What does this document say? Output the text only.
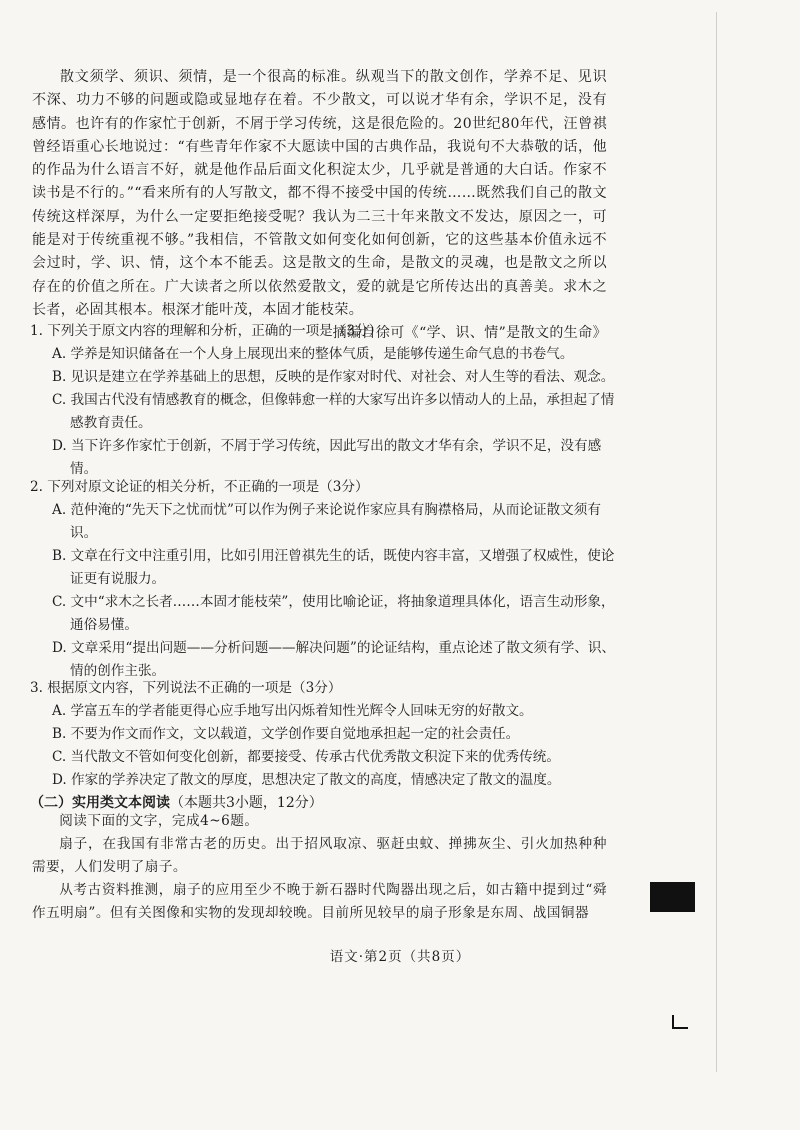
散文须学、须识、须情，是一个很高的标准。纵观当下的散文创作，学养不足、见识不深、功力不够的问题或隐或显地存在着。不少散文，可以说才华有余，学识不足，没有感情。也许有的作家忙于创新，不屑于学习传统，这是很危险的。20世纪80年代，汪曾祺曾经语重心长地说过：“有些青年作家不大愿读中国的古典作品，我说句不大恭敬的话，他的作品为什么语言不好，就是他作品后面文化积淀太少，几乎就是普通的大白话。作家不读书是不行的。”“看来所有的人写散文，都不得不接受中国的传统……既然我们自己的散文传统这样深厚，为什么一定要拒绝接受呢？我认为二三十年来散文不发达，原因之一，可能是对于传统重视不够。”我相信，不管散文如何变化如何创新，它的这些基本价值永远不会过时，学、识、情，这个本不能丢。这是散文的生命，是散文的灵魂，也是散文之所以存在的价值之所在。广大读者之所以依然爱散文，爱的就是它所传达出的真善美。求木之长者，必固其根本。根深才能叶茂，本固才能枝荣。

摘编自徐可《“学、识、情”是散文的生命》

1. 下列关于原文内容的理解和分析，正确的一项是（3分）

A. 学养是知识储备在一个人身上展现出来的整体气质，是能够传递生命气息的书卷气。

B. 见识是建立在学养基础上的思想，反映的是作家对时代、对社会、对人生等的看法、观念。

C. 我国古代没有情感教育的概念，但像韩愈一样的大家写出许多以情动人的上品，承担起了情感教育责任。

D. 当下许多作家忙于创新，不屑于学习传统，因此写出的散文才华有余，学识不足，没有感情。

2. 下列对原文论证的相关分析，不正确的一项是（3分）

A. 范仲淹的“先天下之忧而忧”可以作为例子来论说作家应具有胸襟格局，从而论证散文须有识。

B. 文章在行文中注重引用，比如引用汪曾祺先生的话，既使内容丰富，又增强了权威性，使论证更有说服力。

C. 文中“求木之长者……本固才能枝荣”，使用比喻论证，将抽象道理具体化，语言生动形象，通俗易懂。

D. 文章采用“提出问题——分析问题——解决问题”的论证结构，重点论述了散文须有学、识、情的创作主张。

3. 根据原文内容，下列说法不正确的一项是（3分）

A. 学富五车的学者能更得心应手地写出闪烁着知性光辉令人回味无穷的好散文。

B. 不要为作文而作文，文以载道，文学创作要自觉地承担起一定的社会责任。

C. 当代散文不管如何变化创新，都要接受、传承古代优秀散文积淀下来的优秀传统。

D. 作家的学养决定了散文的厚度，思想决定了散文的高度，情感决定了散文的温度。

（二）实用类文本阅读（本题共3小题，12分）

阅读下面的文字，完成4~6题。

扇子，在我国有非常古老的历史。出于招风取凉、驱赶虫蚊、掸拂灰尘、引火加热种种需要，人们发明了扇子。

从考古资料推测，扇子的应用至少不晚于新石器时代陶器出现之后，如古籍中提到过“舜作五明扇”。但有关图像和实物的发现却较晚。目前所见较早的扇子形象是东周、战国铜器

语文·第2页（共8页）
